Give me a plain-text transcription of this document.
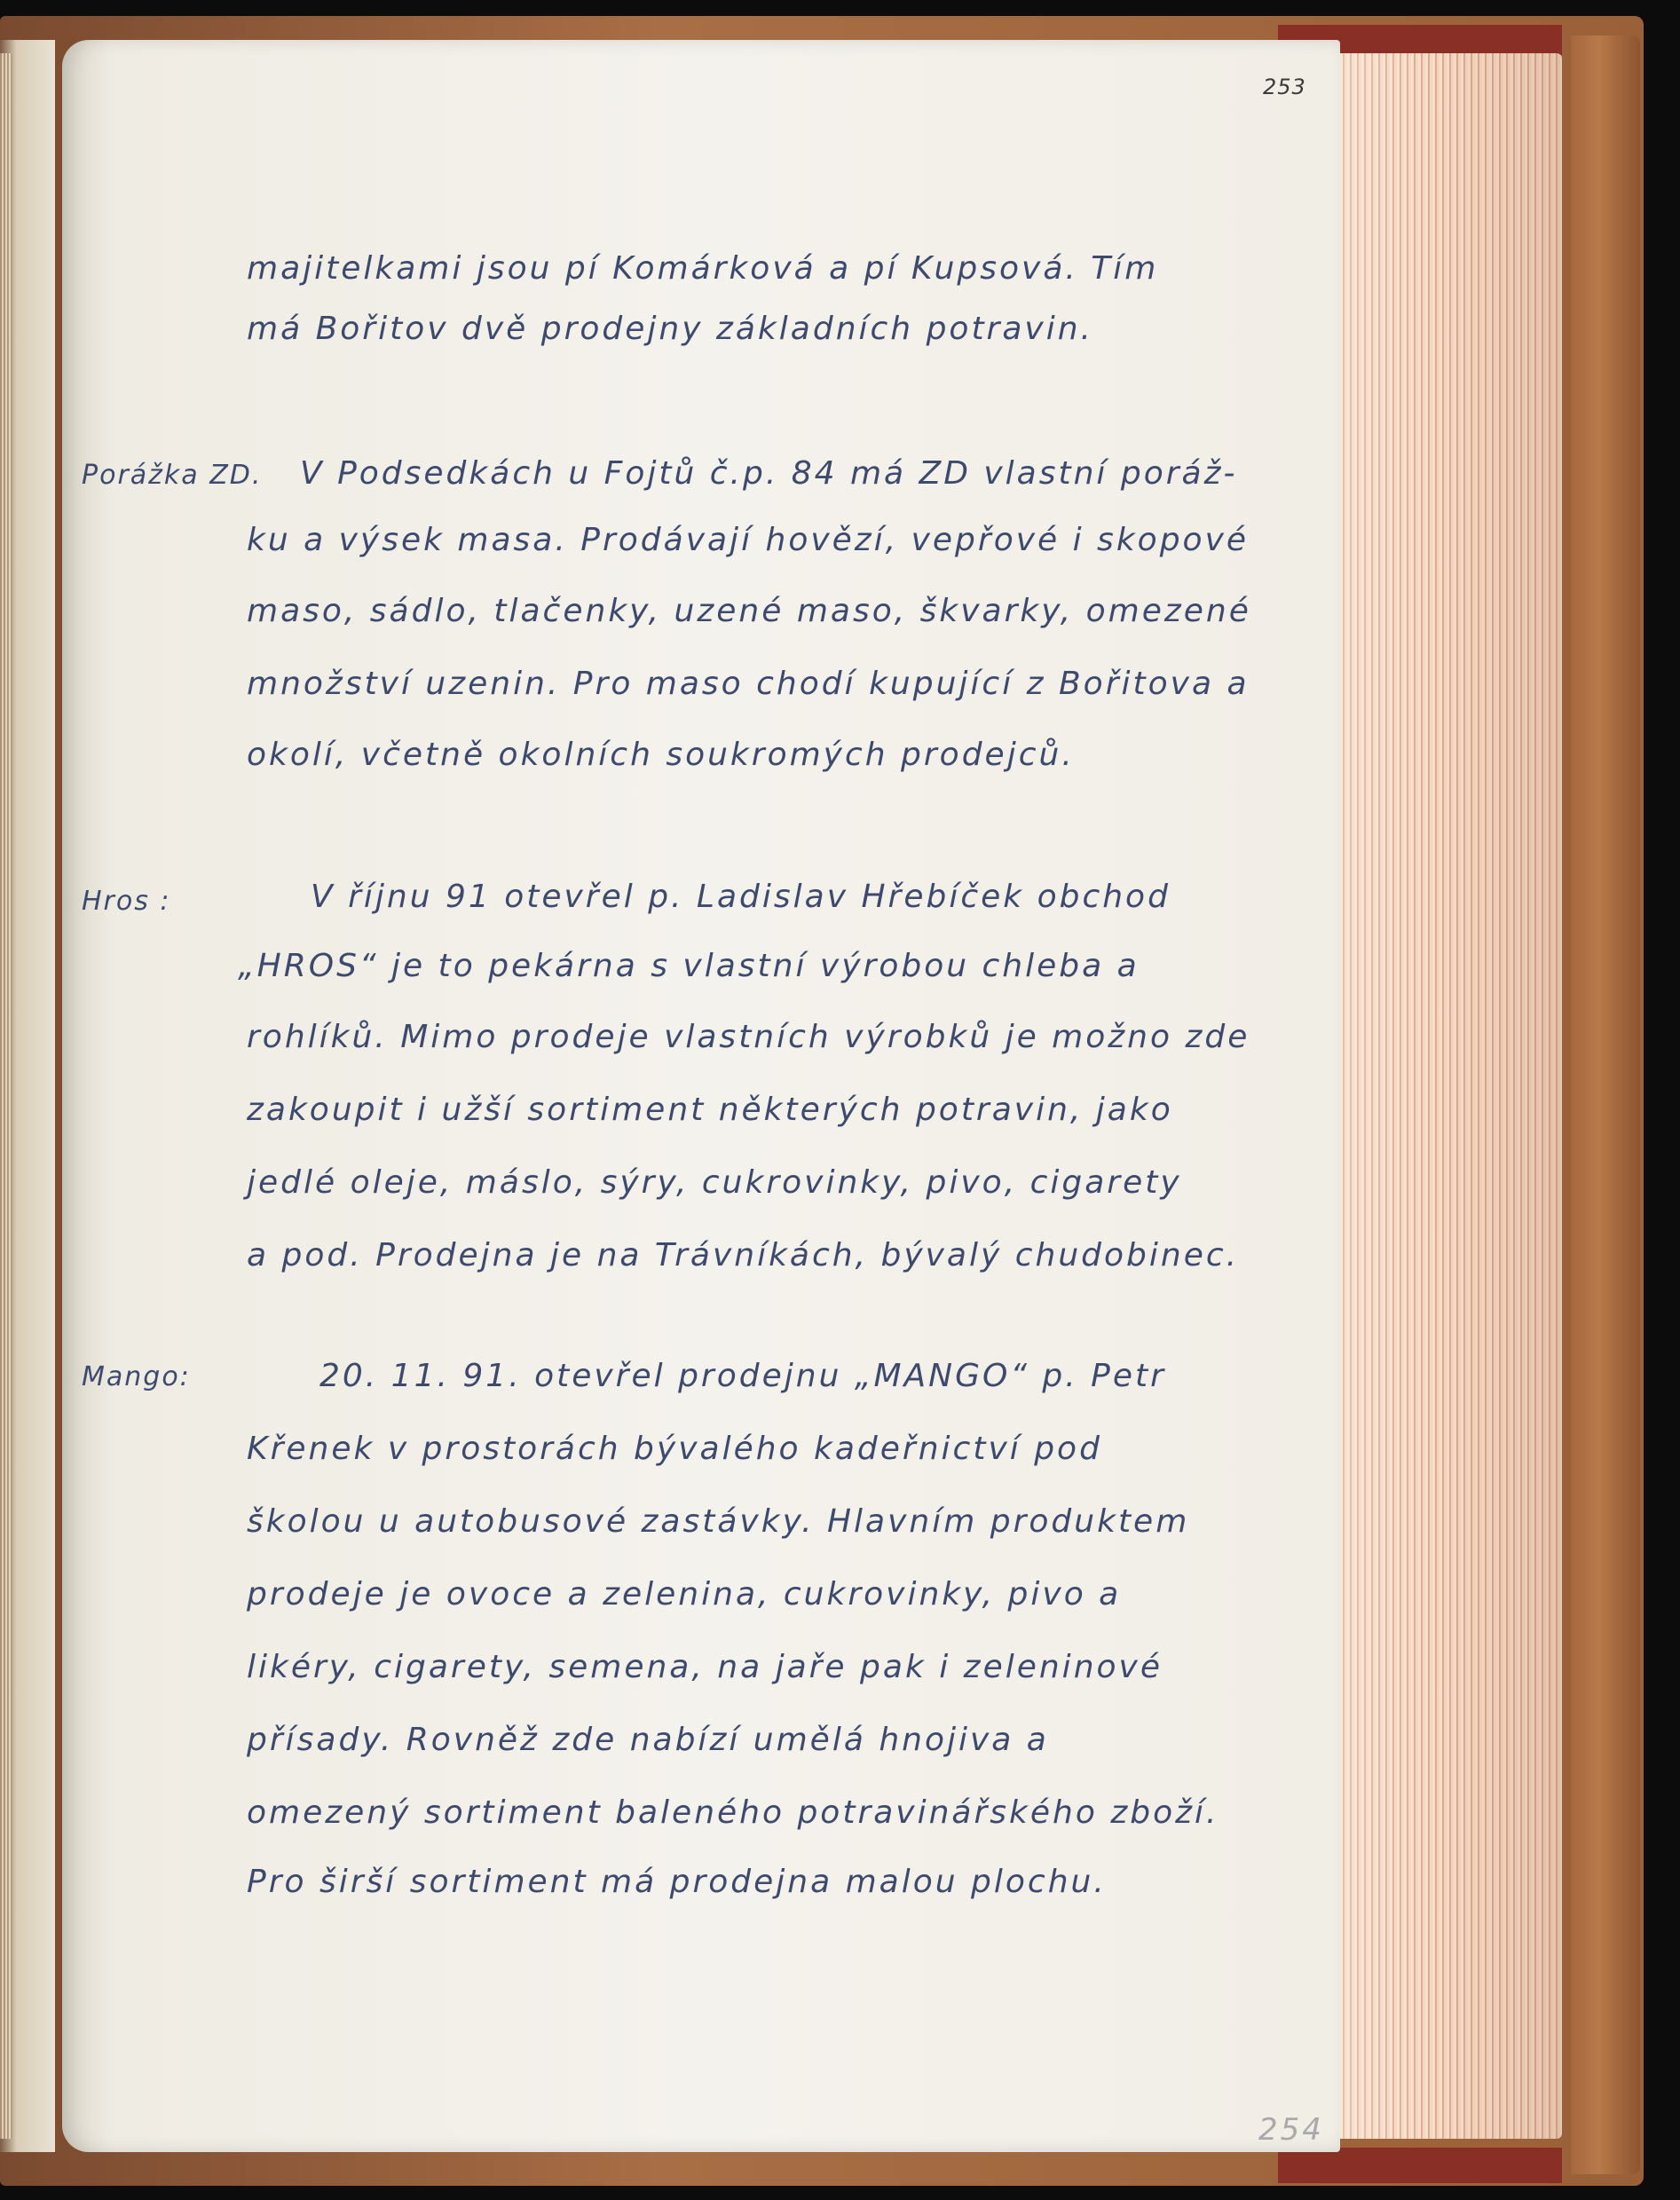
253
majitelkami jsou pí Komárková a pí Kupsová. Tím
má Bořitov dvě prodejny základních potravin.
Porážka ZD. V Podsedkách u Fojtů č.p. 84 má ZD vlastní poráž-
ku a výsek masa. Prodávají hovězí, vepřové i skopové
maso, sádlo, tlačenky, uzené maso, škvarky, omezené
množství uzenin. Pro maso chodí kupující z Bořitova a
okolí, včetně okolních soukromých prodejců.
Hros :	V říjnu 91 otevřel p. Ladislav Hřebíček obchod
„HROS“ je to pekárna s vlastní výrobou chleba a
rohlíků. Mimo prodeje vlastních výrobků je možno zde
zakoupit i užší sortiment některých potravin, jako
jedlé oleje, máslo, sýry, cukrovinky, pivo, cigarety
a pod. Prodejna je na Trávníkách, bývalý chudobinec.
Mango:	20. 11. 91. otevřel prodejnu „MANGO“ p. Petr
Křenek v prostorách bývalého kadeřnictví pod
školou u autobusové zastávky. Hlavním produktem
prodeje je ovoce a zelenina, cukrovinky, pivo a
likéry, cigarety, semena, na jaře pak i zeleninové
přísady. Rovněž zde nabízí umělá hnojiva a
omezený sortiment baleného potravinářského zboží.
Pro širší sortiment má prodejna malou plochu.
254
